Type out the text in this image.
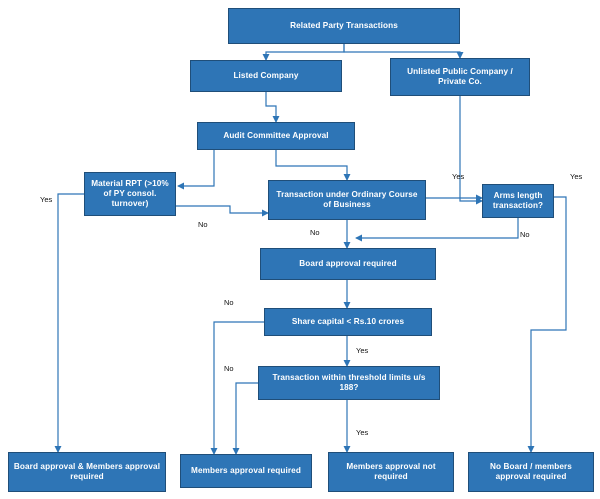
Related Party Transactions
Listed Company	Unlisted Public Company / Private Co.
Audit Committee Approval
Material RPT (>10% of PY consol. turnover)
Transaction under Ordinary Course of Business
Arms length transaction?
Board approval required
Share capital < Rs.10 crores
Transaction within threshold limits u/s 188?
Board approval & Members approval required
Members approval required	Members approval not required
No Board / members approval required
Yes
No
Yes	Yes
No
No
No
Yes
No
Yes
